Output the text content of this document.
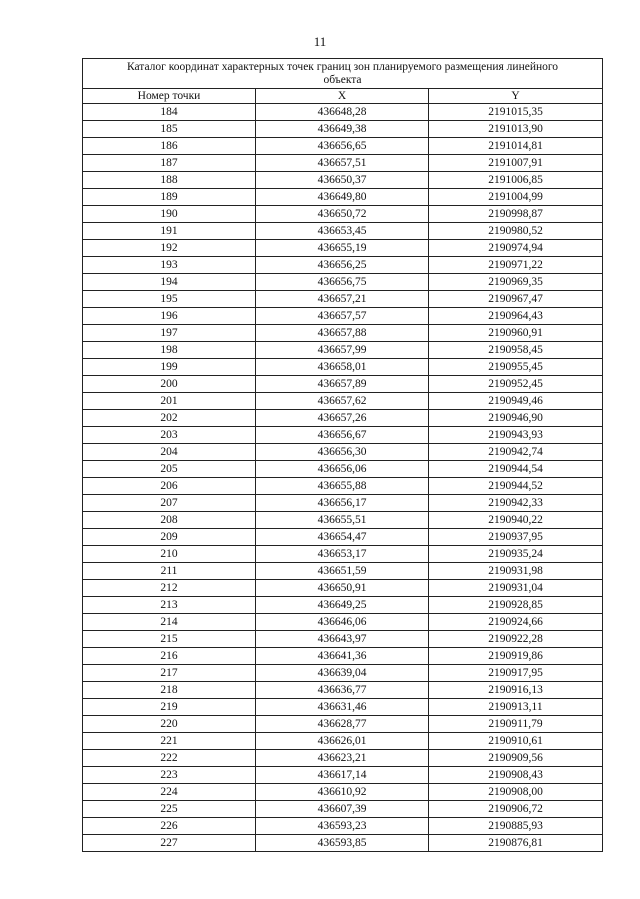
11
Каталог координат характерных точек границ зон планируемого размещения линейного объекта		
Номер точки	X	Y
184	436648,28	2191015,35
185	436649,38	2191013,90
186	436656,65	2191014,81
187	436657,51	2191007,91
188	436650,37	2191006,85
189	436649,80	2191004,99
190	436650,72	2190998,87
191	436653,45	2190980,52
192	436655,19	2190974,94
193	436656,25	2190971,22
194	436656,75	2190969,35
195	436657,21	2190967,47
196	436657,57	2190964,43
197	436657,88	2190960,91
198	436657,99	2190958,45
199	436658,01	2190955,45
200	436657,89	2190952,45
201	436657,62	2190949,46
202	436657,26	2190946,90
203	436656,67	2190943,93
204	436656,30	2190942,74
205	436656,06	2190944,54
206	436655,88	2190944,52
207	436656,17	2190942,33
208	436655,51	2190940,22
209	436654,47	2190937,95
210	436653,17	2190935,24
211	436651,59	2190931,98
212	436650,91	2190931,04
213	436649,25	2190928,85
214	436646,06	2190924,66
215	436643,97	2190922,28
216	436641,36	2190919,86
217	436639,04	2190917,95
218	436636,77	2190916,13
219	436631,46	2190913,11
220	436628,77	2190911,79
221	436626,01	2190910,61
222	436623,21	2190909,56
223	436617,14	2190908,43
224	436610,92	2190908,00
225	436607,39	2190906,72
226	436593,23	2190885,93
227	436593,85	2190876,81
